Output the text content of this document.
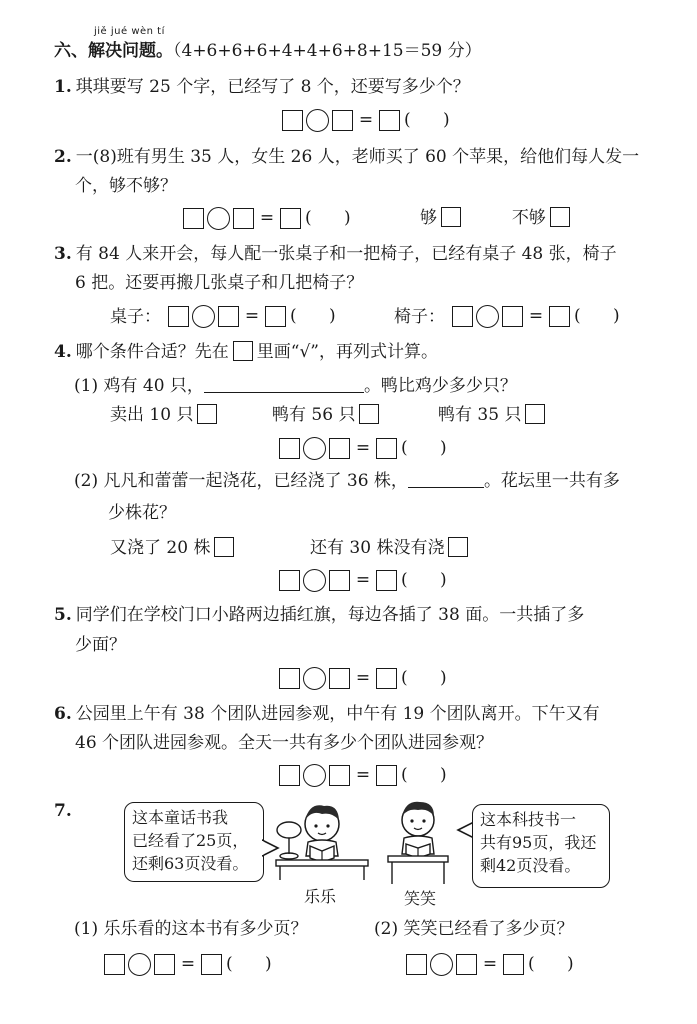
jiě jué wèn tí
六、解决问题。（4+6+6+6+4+4+6+8+15＝59 分）
1. 琪琪要写 25 个字，已经写了 8 个，还要写多少个？
=	(      )
2. 一(8)班有男生 35 人，女生 26 人，老师买了 60 个苹果，给他们每人发一
个，够不够？
=	(      )	够	不够
3. 有 84 人来开会，每人配一张桌子和一把椅子，已经有桌子 48 张，椅子
6 把。还要再搬几张桌子和几把椅子？
桌子：	=	(      )	椅子：	=	(      )
4. 哪个条件合适？先在 里画“√”，再列式计算。
(1) 鸡有 40 只，	。鸭比鸡少多少只？
卖出 10 只	鸭有 56 只	鸭有 35 只
=	(      )
(2) 凡凡和蕾蕾一起浇花，已经浇了 36 株，	。花坛里一共有多
少株花？
又浇了 20 株	还有 30 株没有浇
=	(      )
5. 同学们在学校门口小路两边插红旗，每边各插了 38 面。一共插了多
少面？
=	(      )
6. 公园里上午有 38 个团队进园参观，中午有 19 个团队离开。下午又有
46 个团队进园参观。全天一共有多少个团队进园参观？
=	(      )
7.	这本童话书我
已经看了25页，
还剩63页没看。
乐乐	笑笑
这本科技书一
共有95页，我还
剩42页没看。
(1) 乐乐看的这本书有多少页？	(2) 笑笑已经看了多少页？
=	(      )	=	(      )
